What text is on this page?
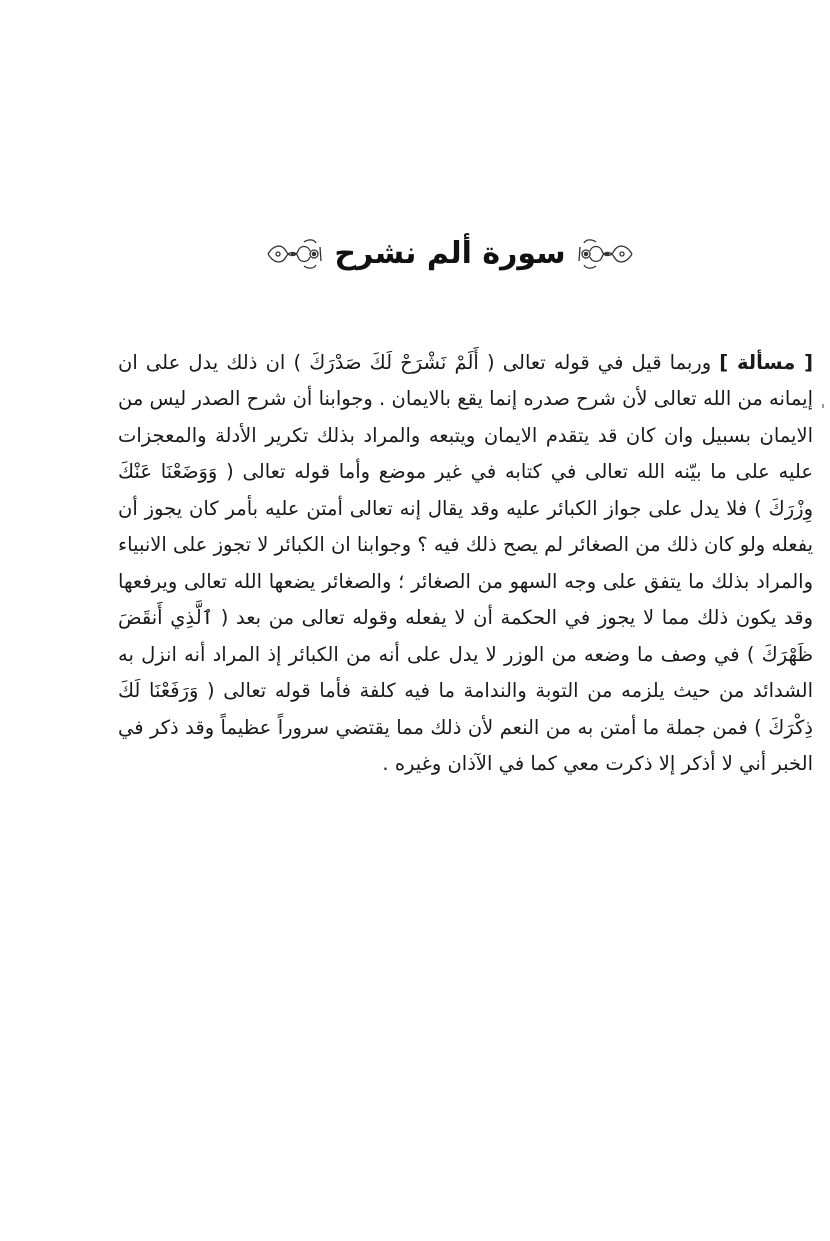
سورة ألم نشرح

[ مسألة ] وربما قيل في قوله تعالى ( أَلَمْ نَشْرَحْ لَكَ صَدْرَكَ ) ان ذلك يدل على ان إيمانه من الله تعالى لأن شرح صدره إنما يقع بالايمان . وجوابنا أن شرح الصدر ليس من الايمان بسبيل وان كان قد يتقدم الايمان ويتبعه والمراد بذلك تكرير الأدلة والمعجزات عليه على ما بيّنه الله تعالى في كتابه في غير موضع وأما قوله تعالى ( وَوَضَعْنَا عَنْكَ وِزْرَكَ ) فلا يدل على جواز الكبائر عليه وقد يقال إنه تعالى أمتن عليه بأمر كان يجوز أن يفعله ولو كان ذلك من الصغائر لم يصح ذلك فيه ؟ وجوابنا ان الكبائر لا تجوز على الانبياء والمراد بذلك ما يتفق على وجه السهو من الصغائر ؛ والصغائر يضعها الله تعالى ويرفعها وقد يكون ذلك مما لا يجوز في الحكمة أن لا يفعله وقوله تعالى من بعد ( ٱلَّذِي أَنقَضَ ظَهْرَكَ ) في وصف ما وضعه من الوزر لا يدل على أنه من الكبائر إذ المراد أنه انزل به الشدائد من حيث يلزمه من التوبة والندامة ما فيه كلفة فأما قوله تعالى ( وَرَفَعْنَا لَكَ ذِكْرَكَ ) فمن جملة ما أمتن به من النعم لأن ذلك مما يقتضي سروراً عظيماً وقد ذكر في الخبر أني لا أذكر إلا ذكرت معي كما في الآذان وغيره .
